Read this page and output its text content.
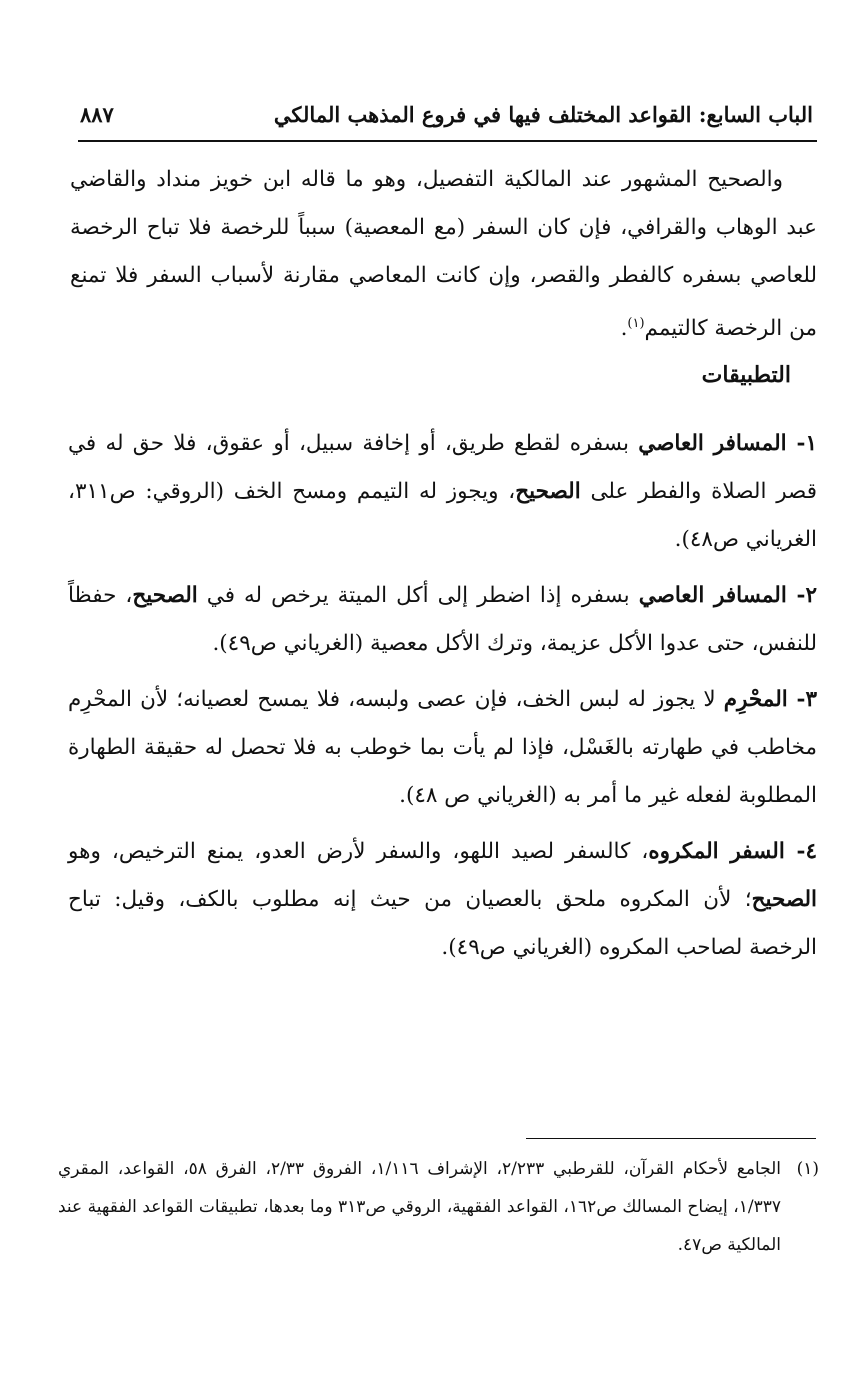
الباب السابع: القواعد المختلف فيها في فروع المذهب المالكي
٨٨٧

والصحيح المشهور عند المالكية التفصيل، وهو ما قاله ابن خويز منداد والقاضي عبد الوهاب والقرافي، فإن كان السفر (مع المعصية) سبباً للرخصة فلا تباح الرخصة للعاصي بسفره كالفطر والقصر، وإن كانت المعاصي مقارنة لأسباب السفر فلا تمنع من الرخصة كالتيمم$^{(١)}$.

التطبيقات

١- المسافر العاصي بسفره لقطع طريق، أو إخافة سبيل، أو عقوق، فلا حق له في قصر الصلاة والفطر على الصحيح، ويجوز له التيمم ومسح الخف (الروقي: ص٣١١، الغرياني ص٤٨).

٢- المسافر العاصي بسفره إذا اضطر إلى أكل الميتة يرخص له في الصحيح، حفظاً للنفس، حتى عدوا الأكل عزيمة، وترك الأكل معصية (الغرياني ص٤٩).

٣- المحْرِم لا يجوز له لبس الخف، فإن عصى ولبسه، فلا يمسح لعصيانه؛ لأن المحْرِم مخاطب في طهارته بالغَسْل، فإذا لم يأت بما خوطب به فلا تحصل له حقيقة الطهارة المطلوبة لفعله غير ما أمر به (الغرياني ص ٤٨).

٤- السفر المكروه، كالسفر لصيد اللهو، والسفر لأرض العدو، يمنع الترخيص، وهو الصحيح؛ لأن المكروه ملحق بالعصيان من حيث إنه مطلوب بالكف، وقيل: تباح الرخصة لصاحب المكروه (الغرياني ص٤٩).

(١)
الجامع لأحكام القرآن، للقرطبي ٢/٢٣٣، الإشراف ١/١١٦، الفروق ٢/٣٣، الفرق ٥٨، القواعد، المقري ١/٣٣٧، إيضاح المسالك ص١٦٢، القواعد الفقهية، الروقي ص٣١٣ وما بعدها، تطبيقات القواعد الفقهية عند المالكية ص٤٧.
